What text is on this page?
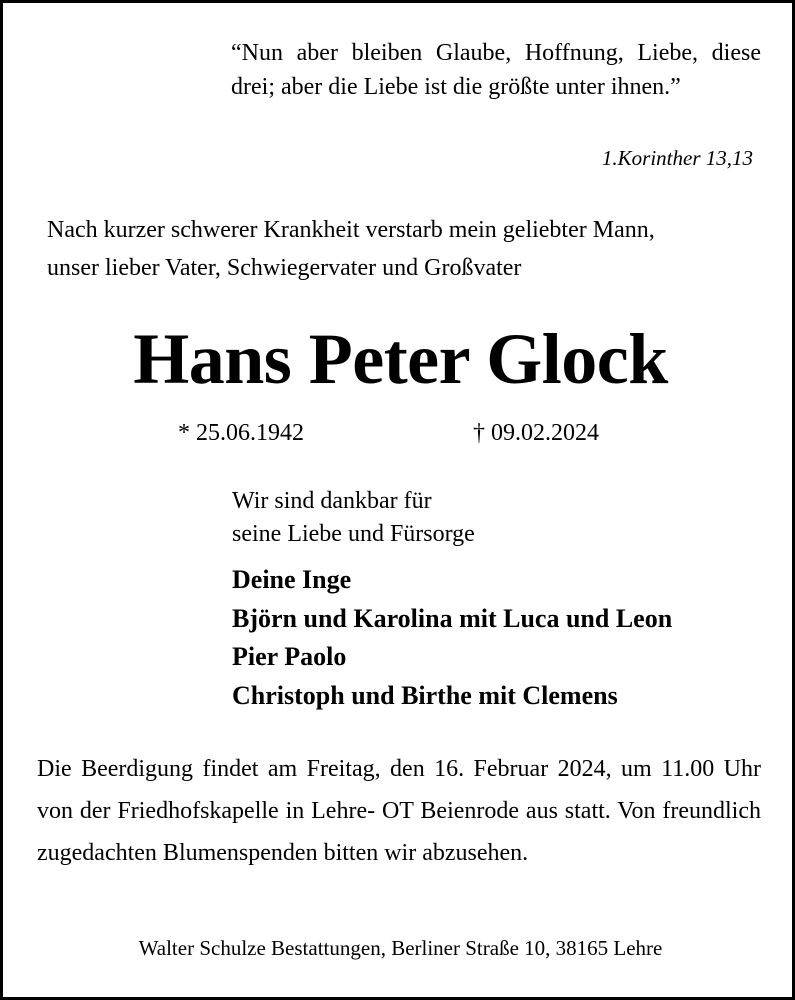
“Nun aber bleiben Glaube, Hoffnung, Liebe, diese drei; aber die Liebe ist die größte unter ihnen.”
1.Korinther 13,13
Nach kurzer schwerer Krankheit verstarb mein geliebter Mann,
unser lieber Vater, Schwiegervater und Großvater
Hans Peter Glock
* 25.06.1942	† 09.02.2024
Wir sind dankbar für
seine Liebe und Fürsorge
Deine Inge
Björn und Karolina mit Luca und Leon
Pier Paolo
Christoph und Birthe mit Clemens
Die Beerdigung findet am Freitag, den 16. Februar 2024, um 11.00 Uhr von der Friedhofskapelle in Lehre- OT Beienrode aus statt. Von freundlich zugedachten Blumenspenden bitten wir abzusehen.
Walter Schulze Bestattungen, Berliner Straße 10, 38165 Lehre
